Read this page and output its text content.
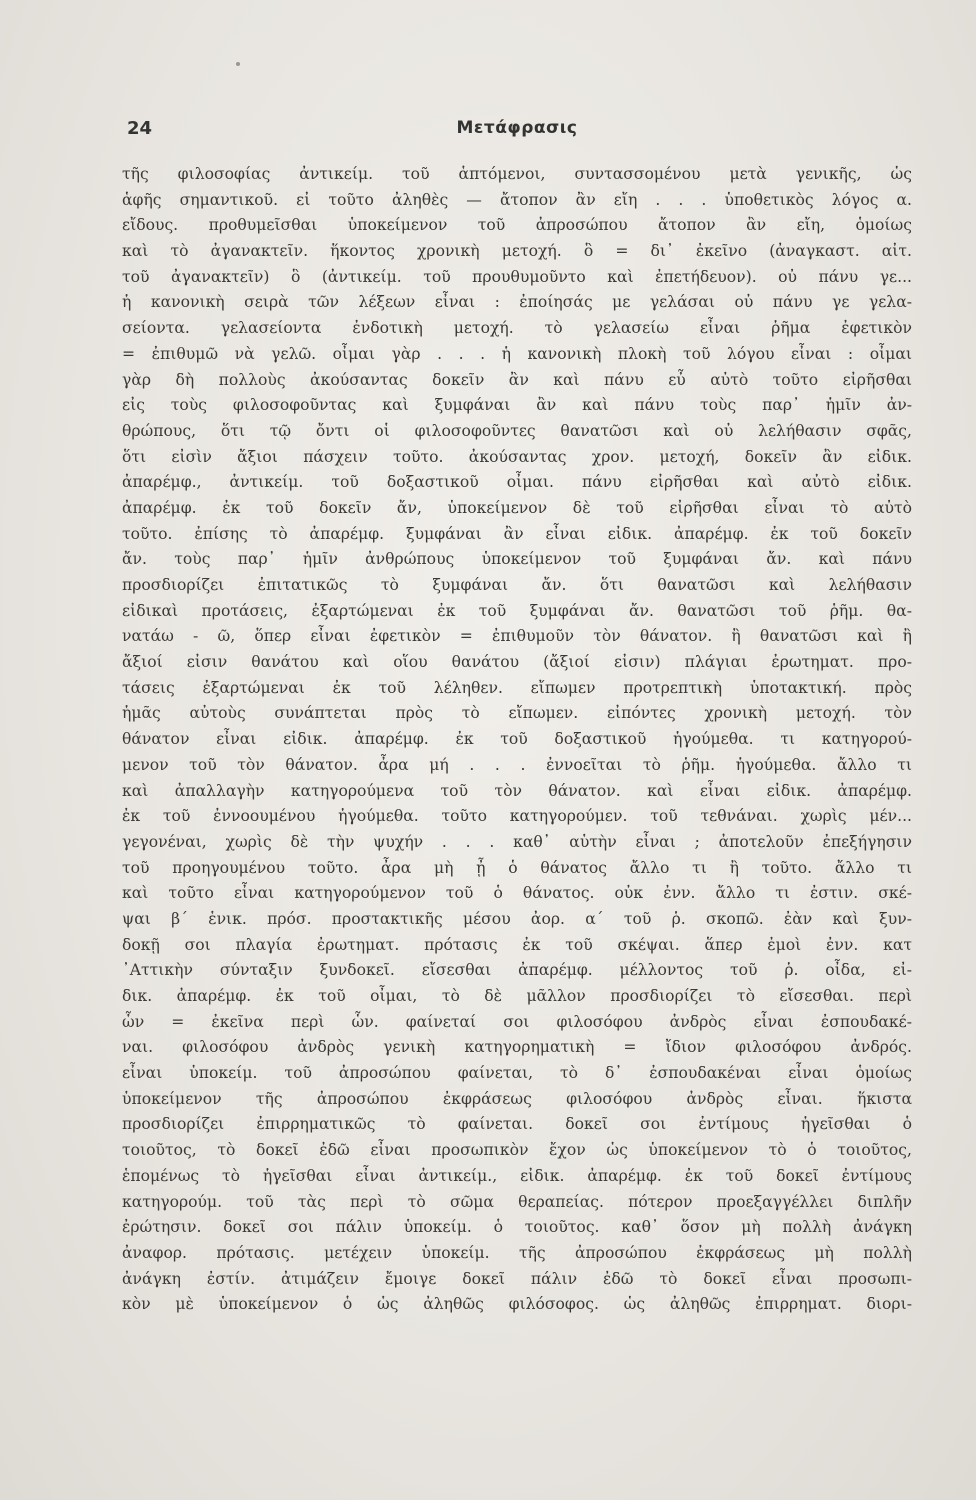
24	Μετάφρασις
τῆς φιλοσοφίας ἀντικείμ. τοῦ ἁπτόμενοι, συντασσομένου μετὰ γενικῆς, ὡς
ἁφῆς σημαντικοῦ. εἰ τοῦτο ἀληθὲς — ἄτοπον ἂν εἴη . . . ὑποθετικὸς λόγος α.
εἴδους. προθυμεῖσθαι ὑποκείμενον τοῦ ἀπροσώπου ἄτοπον ἂν εἴη, ὁμοίως
καὶ τὸ ἀγανακτεῖν. ἥκοντος χρονικὴ μετοχή. ὃ = δι᾽ ἐκεῖνο (ἀναγκαστ. αἰτ.
τοῦ ἀγανακτεῖν) ὃ (ἀντικείμ. τοῦ προυθυμοῦντο καὶ ἐπετήδευον). οὐ πάνυ γε...
ἡ κανονικὴ σειρὰ τῶν λέξεων εἶναι : ἐποίησάς με γελάσαι οὐ πάνυ γε γελα-
σείοντα. γελασείοντα ἐνδοτικὴ μετοχή. τὸ γελασείω εἶναι ῥῆμα ἐφετικὸν
= ἐπιθυμῶ νὰ γελῶ. οἶμαι γὰρ . . . ἡ κανονικὴ πλοκὴ τοῦ λόγου εἶναι : οἶμαι
γὰρ δὴ πολλοὺς ἀκούσαντας δοκεῖν ἂν καὶ πάνυ εὖ αὐτὸ τοῦτο εἰρῆσθαι
εἰς τοὺς φιλοσοφοῦντας καὶ ξυμφάναι ἂν καὶ πάνυ τοὺς παρ᾽ ἡμῖν ἀν-
θρώπους, ὅτι τῷ ὄντι οἱ φιλοσοφοῦντες θανατῶσι καὶ οὐ λελήθασιν σφᾶς,
ὅτι εἰσὶν ἄξιοι πάσχειν τοῦτο. ἀκούσαντας χρον. μετοχή, δοκεῖν ἂν εἰδικ.
ἀπαρέμφ., ἀντικείμ. τοῦ δοξαστικοῦ οἶμαι. πάνυ εἰρῆσθαι καὶ αὐτὸ εἰδικ.
ἀπαρέμφ. ἐκ τοῦ δοκεῖν ἄν, ὑποκείμενον δὲ τοῦ εἰρῆσθαι εἶναι τὸ αὐτὸ
τοῦτο. ἐπίσης τὸ ἀπαρέμφ. ξυμφάναι ἂν εἶναι εἰδικ. ἀπαρέμφ. ἐκ τοῦ δοκεῖν
ἄν. τοὺς παρ᾽ ἡμῖν ἀνθρώπους ὑποκείμενον τοῦ ξυμφάναι ἄν. καὶ πάνυ
προσδιορίζει ἐπιτατικῶς τὸ ξυμφάναι ἄν. ὅτι θανατῶσι καὶ λελήθασιν
εἰδικαὶ προτάσεις, ἐξαρτώμεναι ἐκ τοῦ ξυμφάναι ἄν. θανατῶσι τοῦ ῥῆμ. θα-
νατάω - ῶ, ὅπερ εἶναι ἐφετικὸν = ἐπιθυμοῦν τὸν θάνατον. ἢ θανατῶσι καὶ ἢ
ἄξιοί εἰσιν θανάτου καὶ οἵου θανάτου (ἄξιοί εἰσιν) πλάγιαι ἐρωτηματ. προ-
τάσεις ἐξαρτώμεναι ἐκ τοῦ λέληθεν. εἴπωμεν προτρεπτικὴ ὑποτακτική. πρὸς
ἡμᾶς αὐτοὺς συνάπτεται πρὸς τὸ εἴπωμεν. εἰπόντες χρονικὴ μετοχή. τὸν
θάνατον εἶναι εἰδικ. ἀπαρέμφ. ἐκ τοῦ δοξαστικοῦ ἡγούμεθα. τι κατηγορού-
μενον τοῦ τὸν θάνατον. ἆρα μή . . . ἐννοεῖται τὸ ῥῆμ. ἡγούμεθα. ἄλλο τι
καὶ ἀπαλλαγὴν κατηγορούμενα τοῦ τὸν θάνατον. καὶ εἶναι εἰδικ. ἀπαρέμφ.
ἐκ τοῦ ἐννοουμένου ἡγούμεθα. τοῦτο κατηγορούμεν. τοῦ τεθνάναι. χωρὶς μέν...
γεγονέναι, χωρὶς δὲ τὴν ψυχήν . . . καθ᾽ αὑτὴν εἶναι ; ἀποτελοῦν ἐπεξήγησιν
τοῦ προηγουμένου τοῦτο. ἆρα μὴ ᾖ ὁ θάνατος ἄλλο τι ἢ τοῦτο. ἄλλο τι
καὶ τοῦτο εἶναι κατηγορούμενον τοῦ ὁ θάνατος. οὐκ ἐνν. ἄλλο τι ἐστιν. σκέ-
ψαι β´ ἑνικ. πρόσ. προστακτικῆς μέσου ἀορ. α´ τοῦ ῥ. σκοπῶ. ἐὰν καὶ ξυν-
δοκῇ σοι πλαγία ἐρωτηματ. πρότασις ἐκ τοῦ σκέψαι. ἅπερ ἐμοὶ ἐνν. κατ
᾽Αττικὴν σύνταξιν ξυνδοκεῖ. εἴσεσθαι ἀπαρέμφ. μέλλοντος τοῦ ῥ. οἶδα, εἰ-
δικ. ἀπαρέμφ. ἐκ τοῦ οἶμαι, τὸ δὲ μᾶλλον προσδιορίζει τὸ εἴσεσθαι. περὶ
ὧν = ἐκεῖνα περὶ ὧν. φαίνεταί σοι φιλοσόφου ἀνδρὸς εἶναι ἐσπουδακέ-
ναι. φιλοσόφου ἀνδρὸς γενικὴ κατηγορηματικὴ = ἴδιον φιλοσόφου ἀνδρός.
εἶναι ὑποκείμ. τοῦ ἀπροσώπου φαίνεται, τὸ δ᾽ ἐσπουδακέναι εἶναι ὁμοίως
ὑποκείμενον τῆς ἀπροσώπου ἐκφράσεως φιλοσόφου ἀνδρὸς εἶναι. ἥκιστα
προσδιορίζει ἐπιρρηματικῶς τὸ φαίνεται. δοκεῖ σοι ἐντίμους ἡγεῖσθαι ὁ
τοιοῦτος, τὸ δοκεῖ ἐδῶ εἶναι προσωπικὸν ἔχον ὡς ὑποκείμενον τὸ ὁ τοιοῦτος,
ἑπομένως τὸ ἡγεῖσθαι εἶναι ἀντικείμ., εἰδικ. ἀπαρέμφ. ἐκ τοῦ δοκεῖ ἐντίμους
κατηγορούμ. τοῦ τὰς περὶ τὸ σῶμα θεραπείας. πότερον προεξαγγέλλει διπλῆν
ἐρώτησιν. δοκεῖ σοι πάλιν ὑποκείμ. ὁ τοιοῦτος. καθ᾽ ὅσον μὴ πολλὴ ἀνάγκη
ἀναφορ. πρότασις. μετέχειν ὑποκείμ. τῆς ἀπροσώπου ἐκφράσεως μὴ πολλὴ
ἀνάγκη ἐστίν. ἀτιμάζειν ἔμοιγε δοκεῖ πάλιν ἐδῶ τὸ δοκεῖ εἶναι προσωπι-
κὸν μὲ ὑποκείμενον ὁ ὡς ἀληθῶς φιλόσοφος. ὡς ἀληθῶς ἐπιρρηματ. διορι-
